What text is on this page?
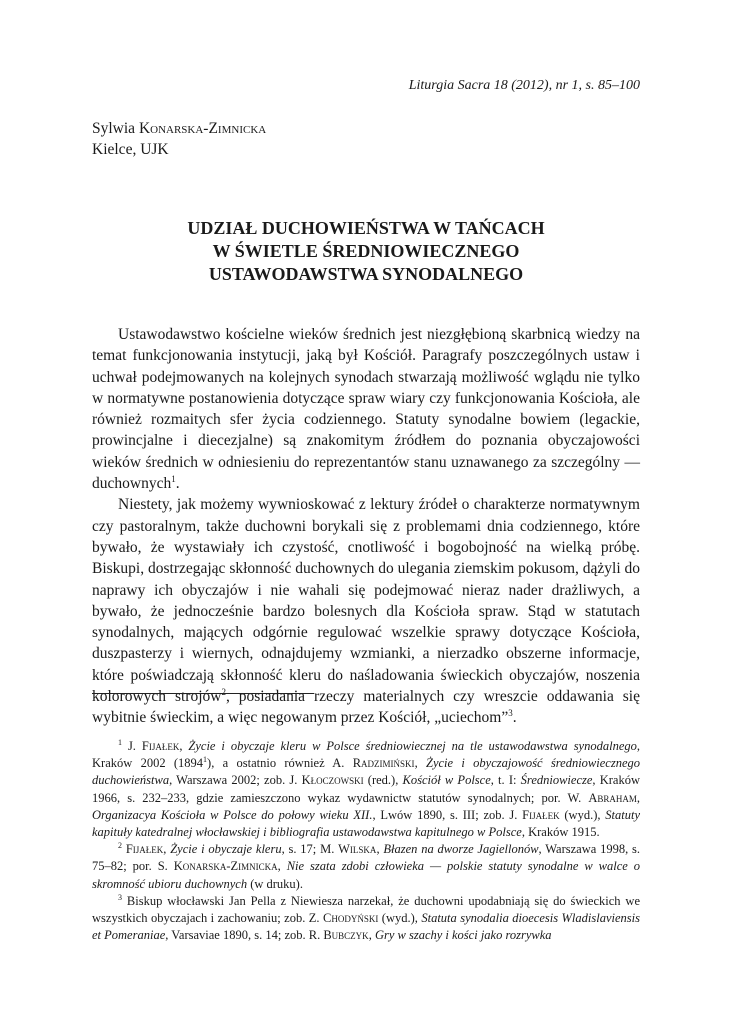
Liturgia Sacra 18 (2012), nr 1, s. 85–100
Sylwia Konarska-Zimnicka
Kielce, UJK
UDZIAŁ DUCHOWIEŃSTWA W TAŃCACH
W ŚWIETLE ŚREDNIOWIECZNEGO
USTAWODAWSTWA SYNODALNEGO

Ustawodawstwo kościelne wieków średnich jest niezgłębioną skarbnicą wiedzy na temat funkcjonowania instytucji, jaką był Kościół. Paragrafy poszczególnych ustaw i uchwał podejmowanych na kolejnych synodach stwarzają możliwość wglądu nie tylko w normatywne postanowienia dotyczące spraw wiary czy funkcjonowania Kościoła, ale również rozmaitych sfer życia codziennego. Statuty synodalne bowiem (legackie, prowincjalne i diecezjalne) są znakomitym źródłem do poznania obyczajowości wieków średnich w odniesieniu do reprezentantów stanu uznawanego za szczególny — duchownych$^1$.

Niestety, jak możemy wywnioskować z lektury źródeł o charakterze normatywnym czy pastoralnym, także duchowni borykali się z problemami dnia codziennego, które bywało, że wystawiały ich czystość, cnotliwość i bogobojność na wielką próbę. Biskupi, dostrzegając skłonność duchownych do ulegania ziemskim pokusom, dążyli do naprawy ich obyczajów i nie wahali się podejmować nieraz nader drażliwych, a bywało, że jednocześnie bardzo bolesnych dla Kościoła spraw. Stąd w statutach synodalnych, mających odgórnie regulować wszelkie sprawy dotyczące Kościoła, duszpasterzy i wiernych, odnajdujemy wzmianki, a nierzadko obszerne informacje, które poświadczają skłonność kleru do naśladowania świeckich obyczajów, noszenia kolorowych strojów$^2$, posiadania rzeczy materialnych czy wreszcie oddawania się wybitnie świeckim, a więc negowanym przez Kościół, „uciechom”$^3$.

$^1$ J. Fijałek, Życie i obyczaje kleru w Polsce średniowiecznej na tle ustawodawstwa synodalnego, Kraków 2002 (1894$^1$), a ostatnio również A. Radzimiński, Życie i obyczajowość średniowiecznego duchowieństwa, Warszawa 2002; zob. J. Kłoczowski (red.), Kościół w Polsce, t. I: Średniowiecze, Kraków 1966, s. 232–233, gdzie zamieszczono wykaz wydawnictw statutów synodalnych; por. W. Abraham, Organizacya Kościoła w Polsce do połowy wieku XII., Lwów 1890, s. III; zob. J. Fijałek (wyd.), Statuty kapituły katedralnej włocławskiej i bibliografia ustawodawstwa kapitulnego w Polsce, Kraków 1915.

$^2$ Fijałek, Życie i obyczaje kleru, s. 17; M. Wilska, Błazen na dworze Jagiellonów, Warszawa 1998, s. 75–82; por. S. Konarska-Zimnicka, Nie szata zdobi człowieka — polskie statuty synodalne w walce o skromność ubioru duchownych (w druku).

$^3$ Biskup włocławski Jan Pella z Niewiesza narzekał, że duchowni upodabniają się do świeckich we wszystkich obyczajach i zachowaniu; zob. Z. Chodyński (wyd.), Statuta synodalia dioecesis Wladislaviensis et Pomeraniae, Varsaviae 1890, s. 14; zob. R. Bubczyk, Gry w szachy i kości jako rozrywka
